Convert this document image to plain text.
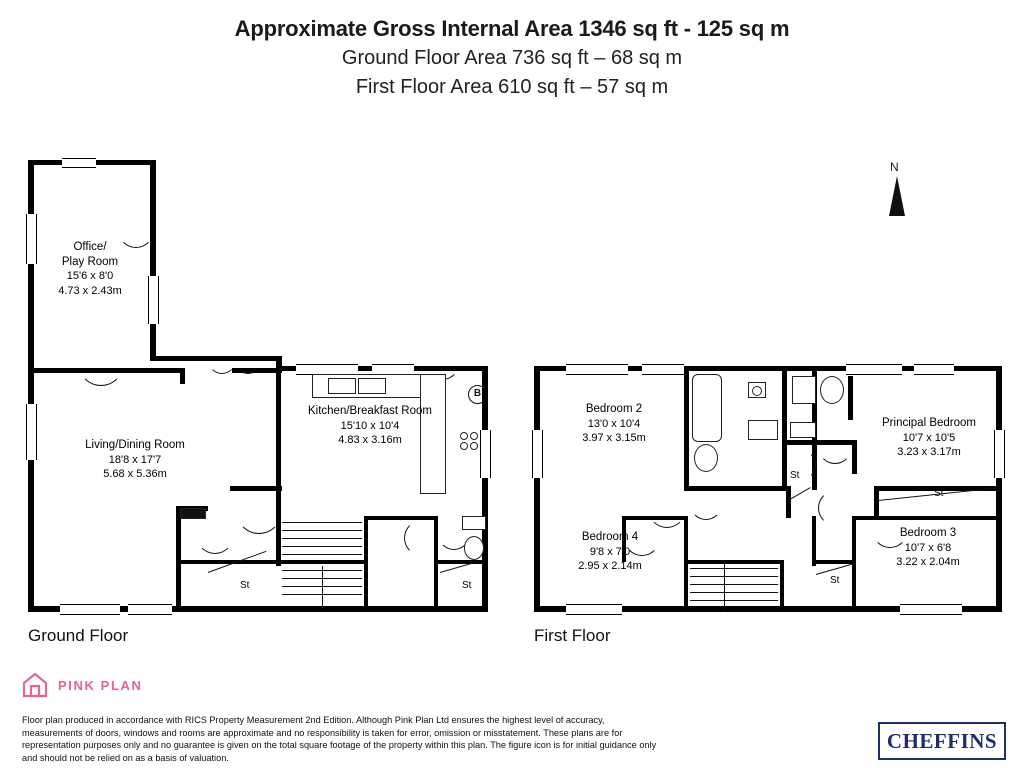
Approximate Gross Internal Area 1346 sq ft - 125 sq m
Ground Floor Area 736 sq ft – 68 sq m
First Floor Area 610 sq ft – 57 sq m
N
B
Office/
Play Room
15'6 x 8'0
4.73 x 2.43m
Living/Dining Room
18'8 x 17'7
5.68 x 5.36m
Kitchen/Breakfast Room
15'10 x 10'4
4.83 x 3.16m
St	St
Ground Floor
Bedroom 2
13'0 x 10'4
3.97 x 3.15m
Principal Bedroom
10'7 x 10'5
3.23 x 3.17m
Bedroom 4
9'8 x 7'0
2.95 x 2.14m
Bedroom 3
10'7 x 6'8
3.22 x 2.04m
St
St
St
First Floor
PINK PLAN
Floor plan produced in accordance with RICS Property Measurement 2nd Edition. Although Pink Plan Ltd ensures the highest level of accuracy, measurements of doors, windows and rooms are approximate and no responsibility is taken for error, omission or misstatement. These plans are for representation purposes only and no guarantee is given on the total square footage of the property within this plan. The figure icon is for initial guidance only and should not be relied on as a basis of valuation.
CHEFFINS
